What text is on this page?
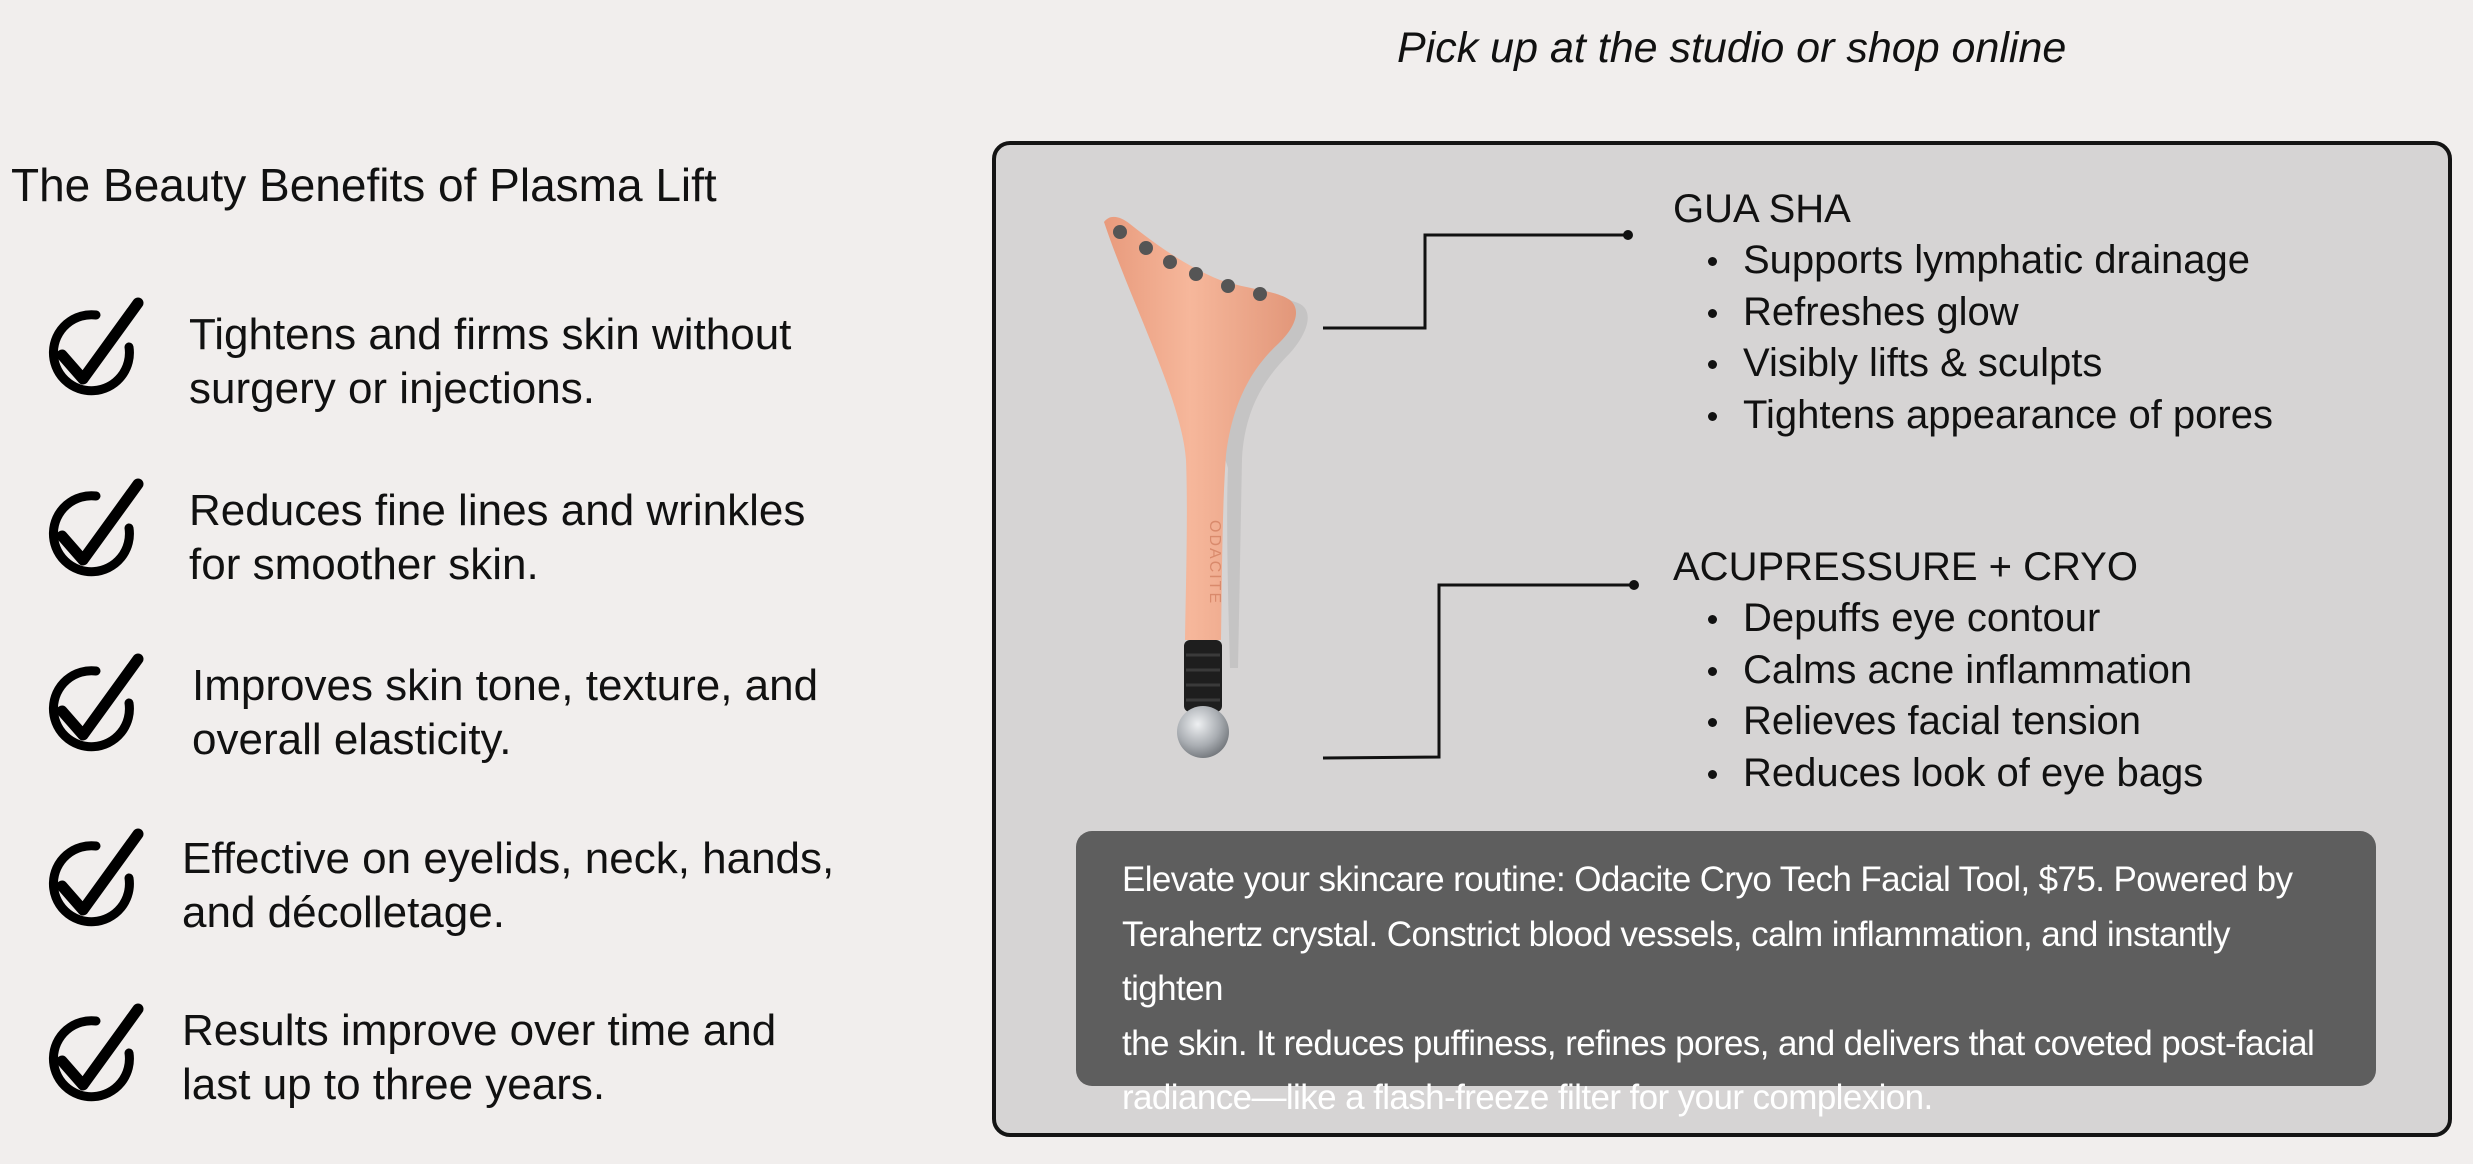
Pick up at the studio or shop online
The Beauty Benefits of Plasma Lift
Tightens and firms skin without
surgery or injections.
Reduces fine lines and wrinkles
for smoother skin.
Improves skin tone, texture, and
overall elasticity.
Effective on eyelids, neck, hands,
and décolletage.
Results improve over time and
last up to three years.
ODACITE
GUA SHA
Supports lymphatic drainage
Refreshes glow
Visibly lifts & sculpts
Tightens appearance of pores
ACUPRESSURE + CRYO
Depuffs eye contour
Calms acne inflammation
Relieves facial tension
Reduces look of eye bags
Elevate your skincare routine: Odacite Cryo Tech Facial Tool, $75. Powered by
Terahertz crystal. Constrict blood vessels, calm inflammation, and instantly tighten
the skin. It reduces puffiness, refines pores, and delivers that coveted post-facial
radiance—like a flash-freeze filter for your complexion.
